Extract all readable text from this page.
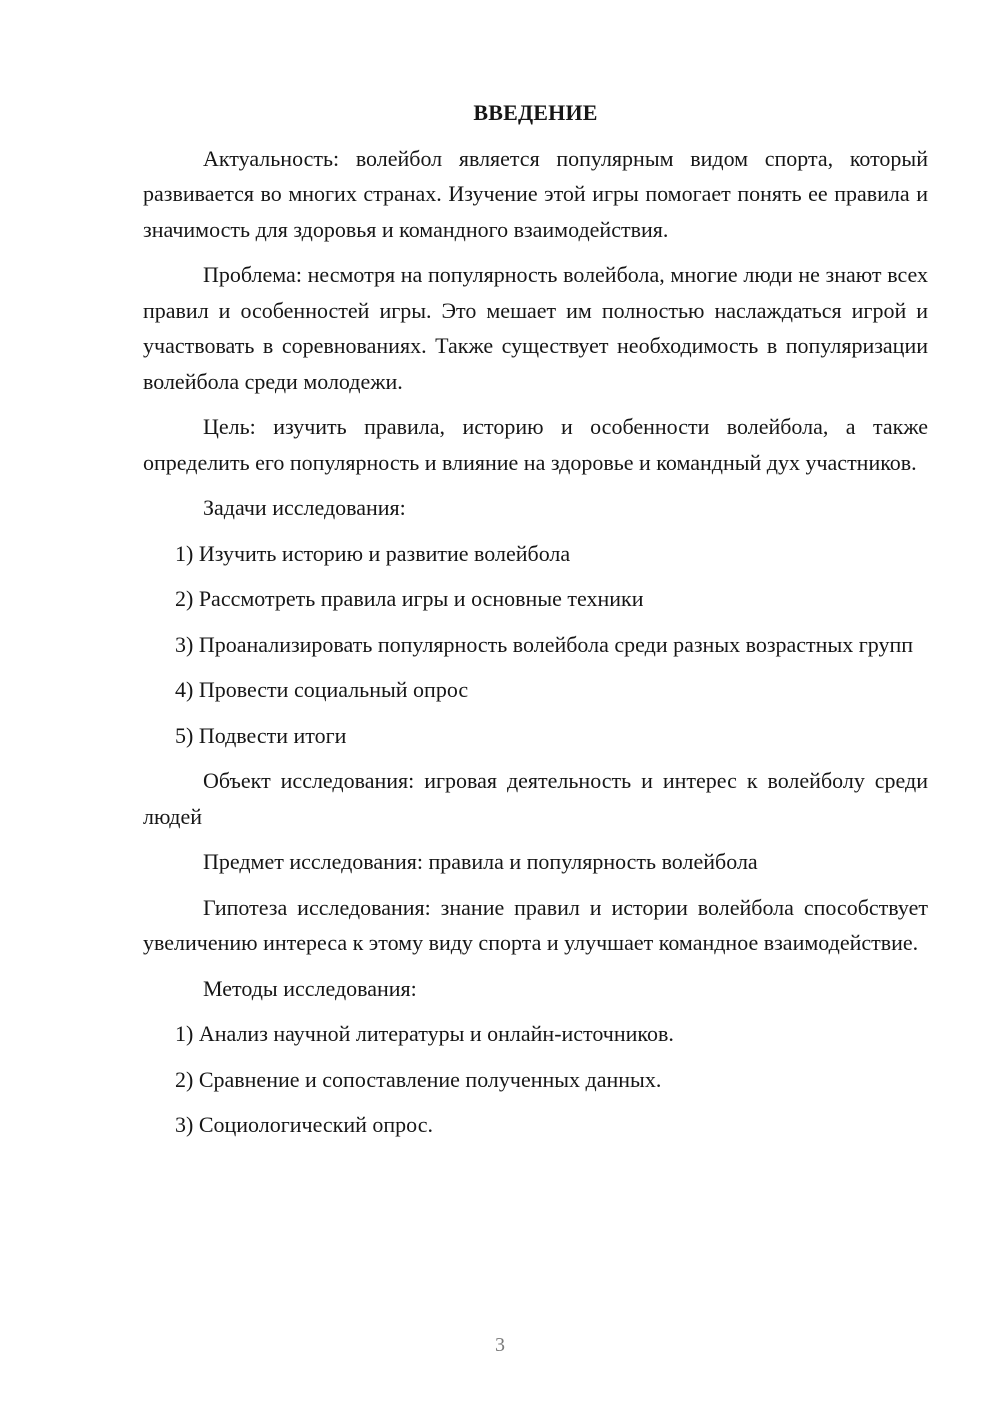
ВВЕДЕНИЕ
Актуальность: волейбол является популярным видом спорта, который развивается во многих странах. Изучение этой игры помогает понять ее правила и значимость для здоровья и командного взаимодействия.
Проблема: несмотря на популярность волейбола, многие люди не знают всех правил и особенностей игры. Это мешает им полностью наслаждаться игрой и участвовать в соревнованиях. Также существует необходимость в популяризации волейбола среди молодежи.
Цель: изучить правила, историю и особенности волейбола, а также определить его популярность и влияние на здоровье и командный дух участников.
Задачи исследования:
1) Изучить историю и развитие волейбола
2) Рассмотреть правила игры и основные техники
3) Проанализировать популярность волейбола среди разных возрастных групп
4) Провести социальный опрос
5) Подвести итоги
Объект исследования: игровая деятельность и интерес к волейболу среди людей
Предмет исследования: правила и популярность волейбола
Гипотеза исследования: знание правил и истории волейбола способствует увеличению интереса к этому виду спорта и улучшает командное взаимодействие.
Методы исследования:
1) Анализ научной литературы и онлайн-источников.
2) Сравнение и сопоставление полученных данных.
3) Социологический опрос.
3
